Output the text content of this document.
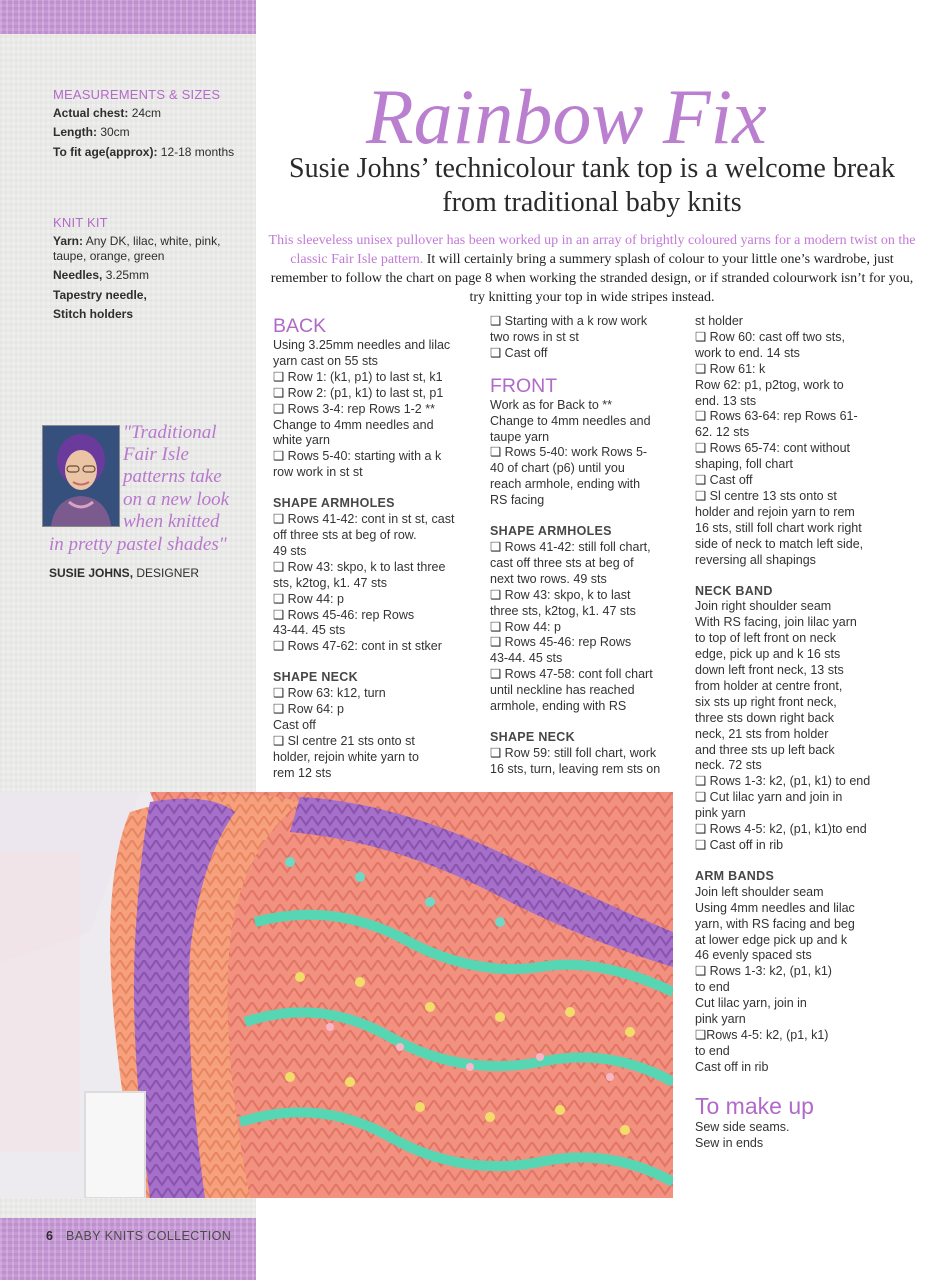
MEASUREMENTS & SIZES
Actual chest: 24cm
Length: 30cm
To fit age(approx): 12-18 months
KNIT KIT
Yarn: Any DK, lilac, white, pink, taupe, orange, green
Needles, 3.25mm
Tapestry needle,
Stitch holders
"Traditional
Fair Isle
patterns take
on a new look
when knitted
in pretty pastel shades"
SUSIE JOHNS, DESIGNER
Rainbow Fix
Susie Johns’ technicolour tank top is a welcome break from traditional baby knits
This sleeveless unisex pullover has been worked up in an array of brightly coloured yarns for a modern twist on the classic Fair Isle pattern. It will certainly bring a summery splash of colour to your little one’s wardrobe, just remember to follow the chart on page 8 when working the stranded design, or if stranded colourwork isn’t for you, try knitting your top in wide stripes instead.

BACK

Using 3.25mm needles and lilac

yarn cast on 55 sts

❑ Row 1: (k1, p1) to last st, k1

❑ Row 2: (p1, k1) to last st, p1

❑ Rows 3-4: rep Rows 1-2 **

Change to 4mm needles and

white yarn

❑ Rows 5-40: starting with a k

row work in st st

SHAPE ARMHOLES

❑ Rows 41-42: cont in st st, cast

off three sts at beg of row.

49 sts

❑ Row 43: skpo, k to last three

sts, k2tog, k1. 47 sts

❑ Row 44: p

❑ Rows 45-46: rep Rows

43-44. 45 sts

❑ Rows 47-62: cont in st stker

SHAPE NECK

❑ Row 63: k12, turn

❑ Row 64: p

Cast off

❑ Sl centre 21 sts onto st

holder, rejoin white yarn to

rem 12 sts

❑ Starting with a k row work

two rows in st st

❑ Cast off

FRONT

Work as for Back to **

Change to 4mm needles and

taupe yarn

❑ Rows 5-40: work Rows 5-

40 of chart (p6) until you

reach armhole, ending with

RS facing

SHAPE ARMHOLES

❑ Rows 41-42: still foll chart,

cast off three sts at beg of

next two rows. 49 sts

❑ Row 43: skpo, k to last

three sts, k2tog, k1. 47 sts

❑ Row 44: p

❑ Rows 45-46: rep Rows

43-44. 45 sts

❑ Rows 47-58: cont foll chart

until neckline has reached

armhole, ending with RS

SHAPE NECK

❑ Row 59: still foll chart, work

16 sts, turn, leaving rem sts on

st holder

❑ Row 60: cast off two sts,

work to end. 14 sts

❑ Row 61: k

Row 62: p1, p2tog, work to

end. 13 sts

❑ Rows 63-64: rep Rows 61-

62. 12 sts

❑ Rows 65-74: cont without

shaping, foll chart

❑ Cast off

❑ Sl centre 13 sts onto st

holder and rejoin yarn to rem

16 sts, still foll chart work right

side of neck to match left side,

reversing all shapings

NECK BAND

Join right shoulder seam

With RS facing, join lilac yarn

to top of left front on neck

edge, pick up and k 16 sts

down left front neck, 13 sts

from holder at centre front,

six sts up right front neck,

three sts down right back

neck, 21 sts from holder

and three sts up left back

neck. 72 sts

❑ Rows 1-3: k2, (p1, k1) to end

❑ Cut lilac yarn and join in

pink yarn

❑ Rows 4-5: k2, (p1, k1)to end

❑ Cast off in rib

ARM BANDS

Join left shoulder seam

Using 4mm needles and lilac

yarn, with RS facing and beg

at lower edge pick up and k

46 evenly spaced sts

❑ Rows 1-3: k2, (p1, k1)

to end

Cut lilac yarn, join in

pink yarn

❑Rows 4-5: k2, (p1, k1)

to end

Cast off in rib

To make up

Sew side seams.

Sew in ends

6 BABY KNITS COLLECTION
